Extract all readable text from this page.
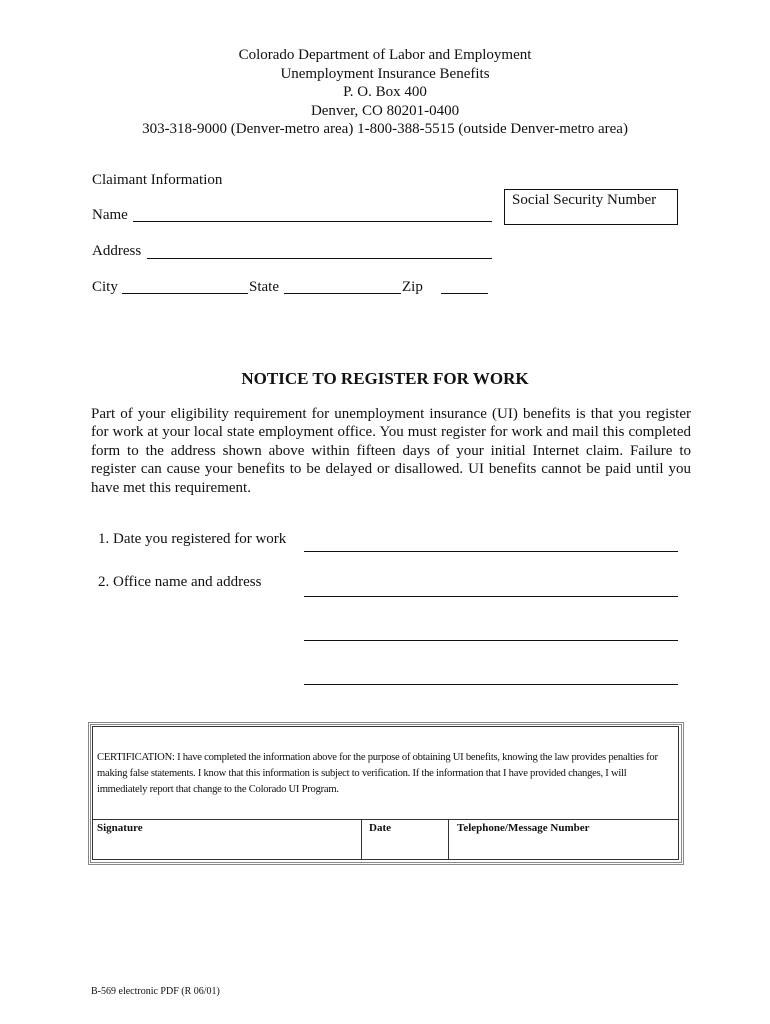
Colorado Department of Labor and Employment
Unemployment Insurance Benefits
P. O. Box 400
Denver, CO 80201-0400
303-318-9000 (Denver-metro area) 1-800-388-5515 (outside Denver-metro area)
Claimant Information
Social Security Number
Name
Address
City	State	Zip
NOTICE TO REGISTER FOR WORK
Part of your eligibility requirement for unemployment insurance (UI) benefits is that you register for work at your local state employment office. You must register for work and mail this completed form to the address shown above within fifteen days of your initial Internet claim. Failure to register can cause your benefits to be delayed or disallowed. UI benefits cannot be paid until you have met this requirement.
1. Date you registered for work
2. Office name and address
CERTIFICATION: I have completed the information above for the purpose of obtaining UI benefits, knowing the law provides penalties for making false statements. I know that this information is subject to verification. If the information that I have provided changes, I will immediately report that change to the Colorado UI Program.
Signature	Date	Telephone/Message Number
B-569 electronic PDF (R 06/01)
